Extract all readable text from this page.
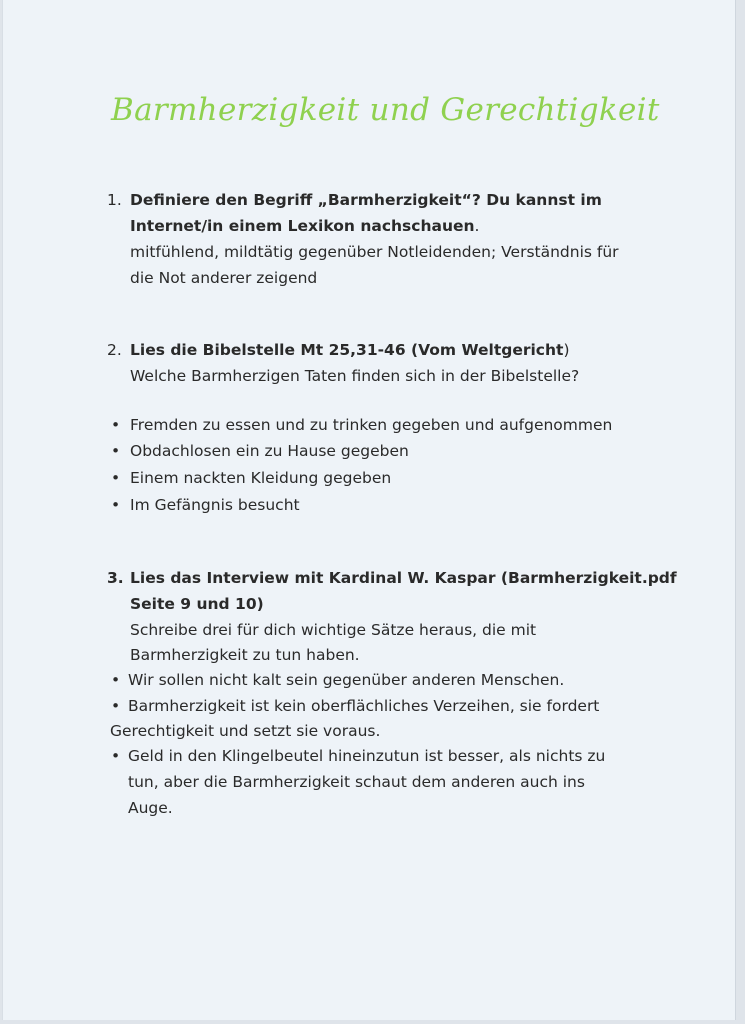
Barmherzigkeit und Gerechtigkeit
1. Definiere den Begriff „Barmherzigkeit“? Du kannst im
Internet/in einem Lexikon nachschauen.
mitfühlend, mildtätig gegenüber Notleidenden; Verständnis für
die Not anderer zeigend
2. Lies die Bibelstelle Mt 25,31-46 (Vom Weltgericht)
Welche Barmherzigen Taten finden sich in der Bibelstelle?
• Fremden zu essen und zu trinken gegeben und aufgenommen
• Obdachlosen ein zu Hause gegeben
• Einem nackten Kleidung gegeben
• Im Gefängnis besucht
3. Lies das Interview mit Kardinal W. Kaspar (Barmherzigkeit.pdf
Seite 9 und 10)
Schreibe drei für dich wichtige Sätze heraus, die mit
Barmherzigkeit zu tun haben.
• Wir sollen nicht kalt sein gegenüber anderen Menschen.
• Barmherzigkeit ist kein oberflächliches Verzeihen, sie fordert
Gerechtigkeit und setzt sie voraus.
• Geld in den Klingelbeutel hineinzutun ist besser, als nichts zu
tun, aber die Barmherzigkeit schaut dem anderen auch ins
Auge.
